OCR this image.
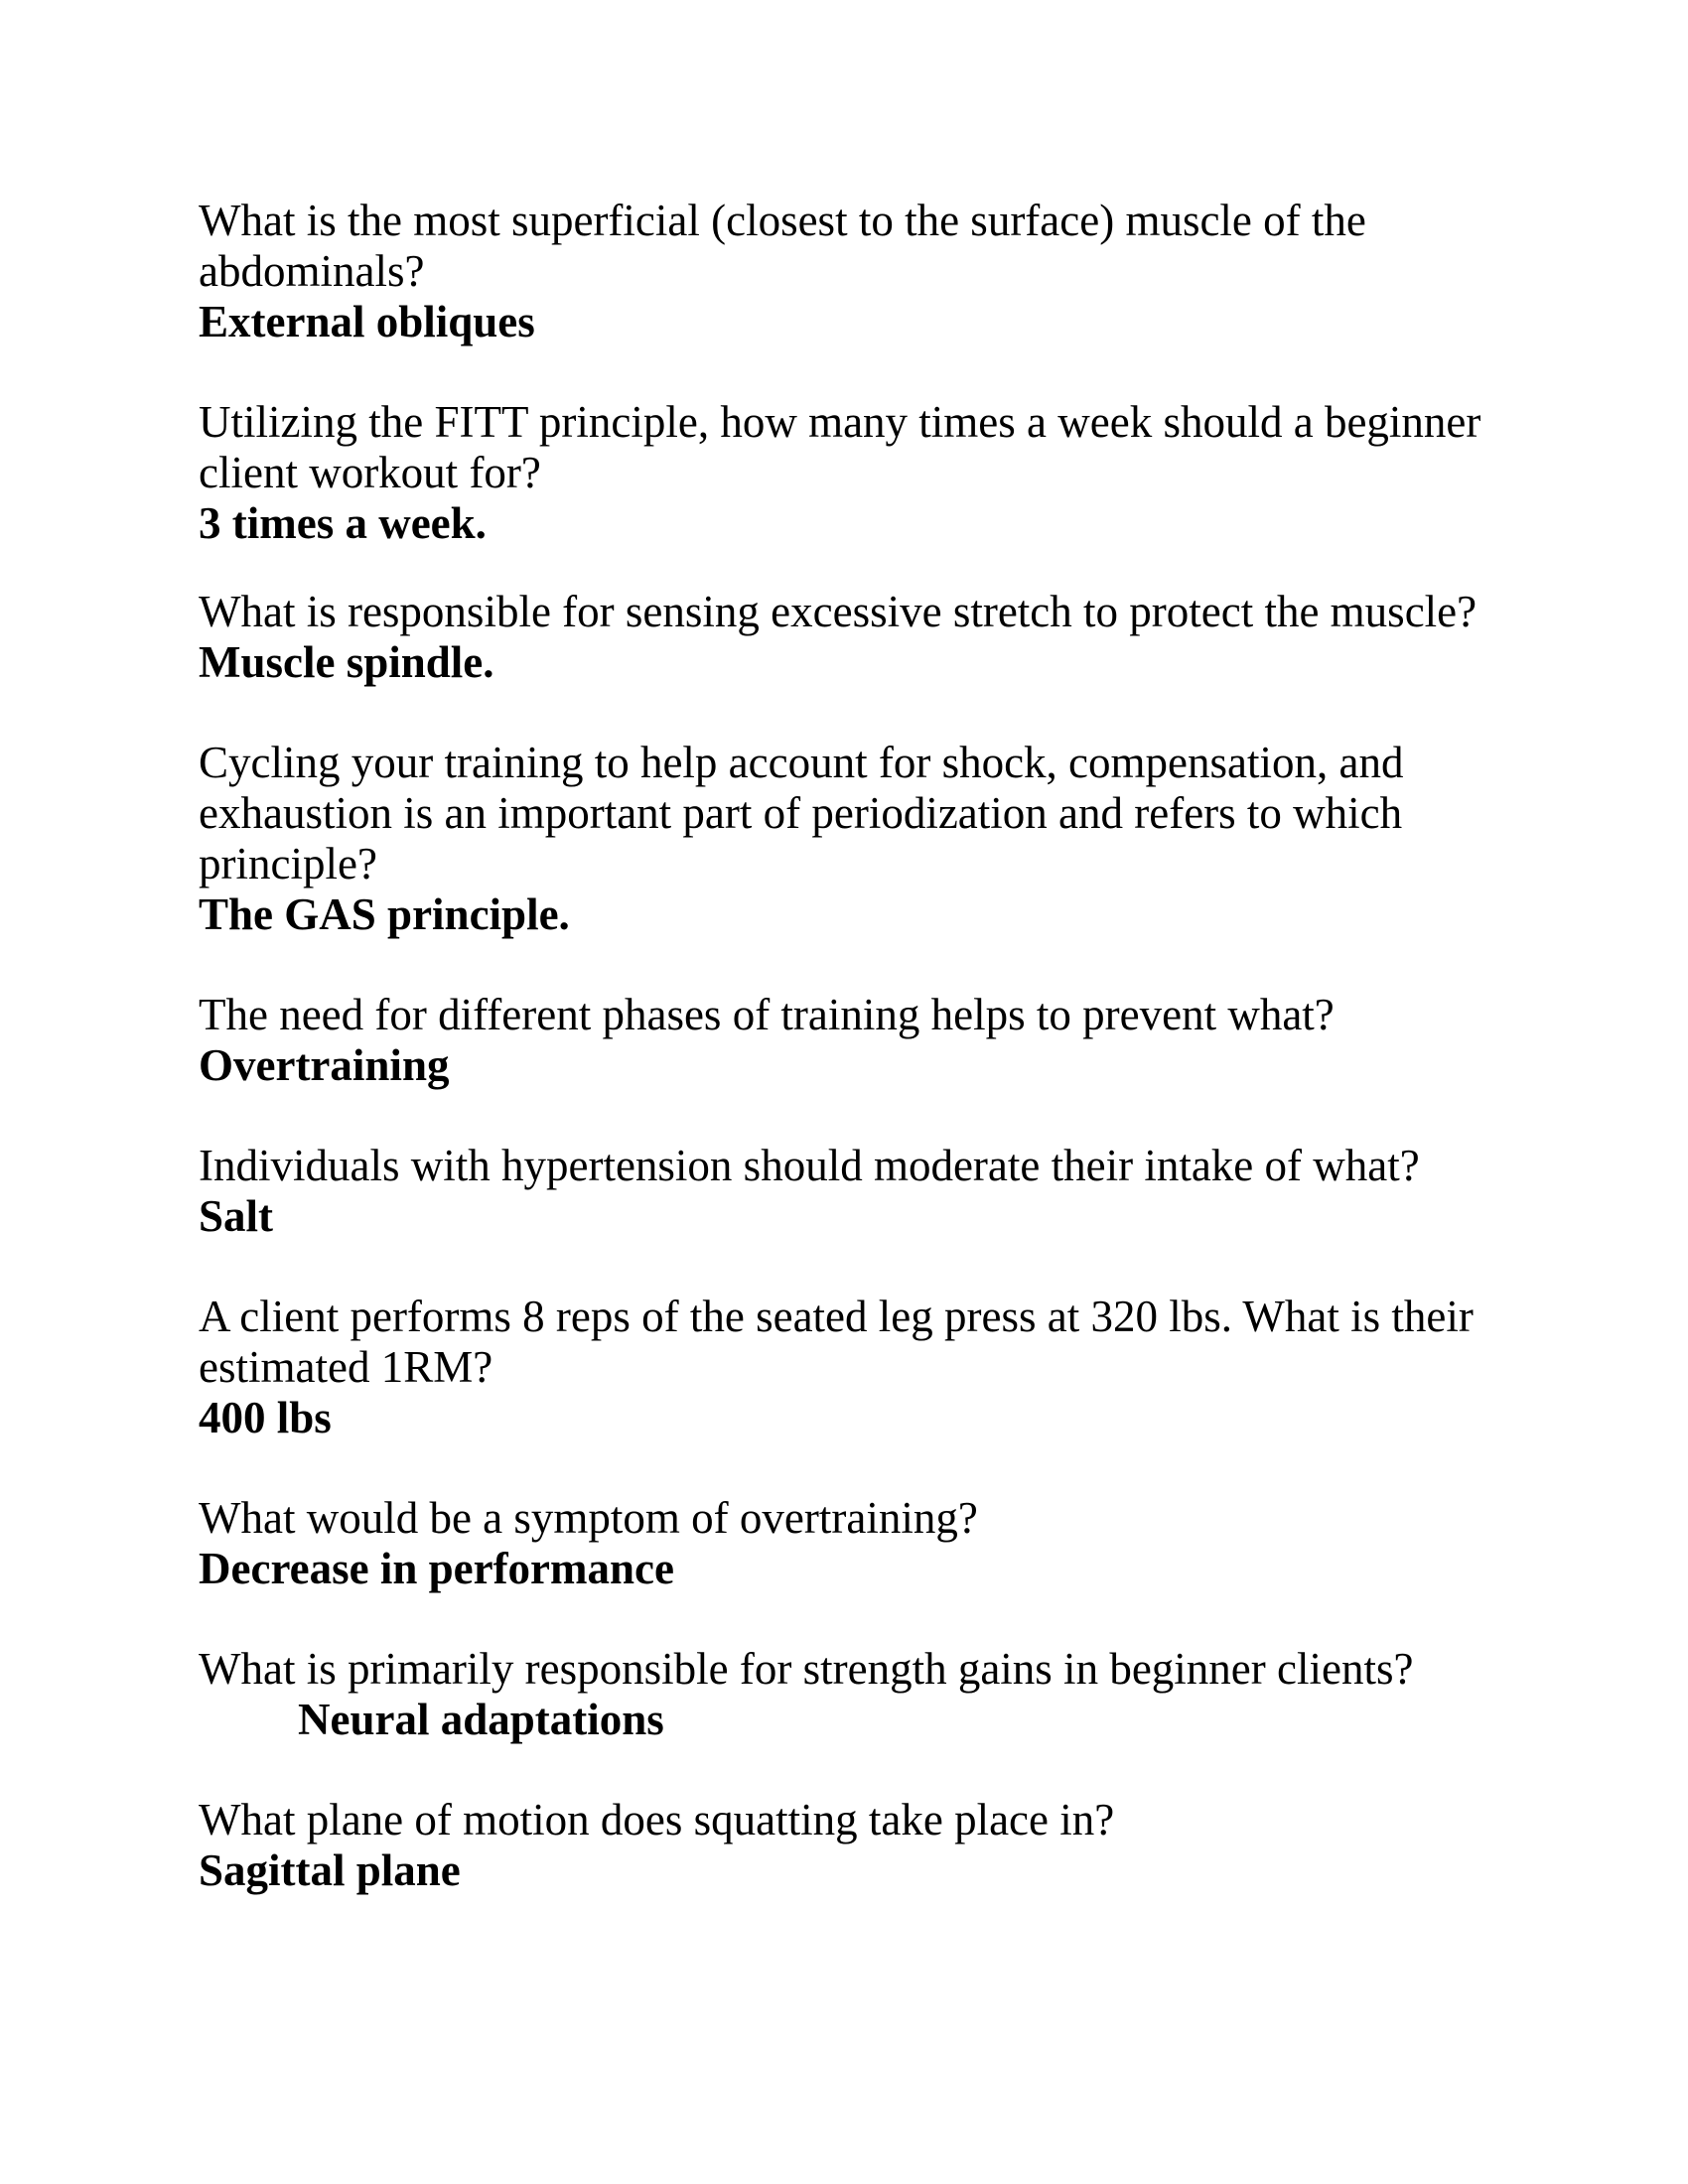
What is the most superficial (closest to the surface) muscle of the
abdominals?
External obliques
Utilizing the FITT principle, how many times a week should a beginner
client workout for?
3 times a week.
What is responsible for sensing excessive stretch to protect the muscle?
Muscle spindle.
Cycling your training to help account for shock, compensation, and
exhaustion is an important part of periodization and refers to which
principle?
The GAS principle.
The need for different phases of training helps to prevent what?
Overtraining
Individuals with hypertension should moderate their intake of what?
Salt
A client performs 8 reps of the seated leg press at 320 lbs. What is their
estimated 1RM?
400 lbs
What would be a symptom of overtraining?
Decrease in performance
What is primarily responsible for strength gains in beginner clients?
Neural adaptations
What plane of motion does squatting take place in?
Sagittal plane
